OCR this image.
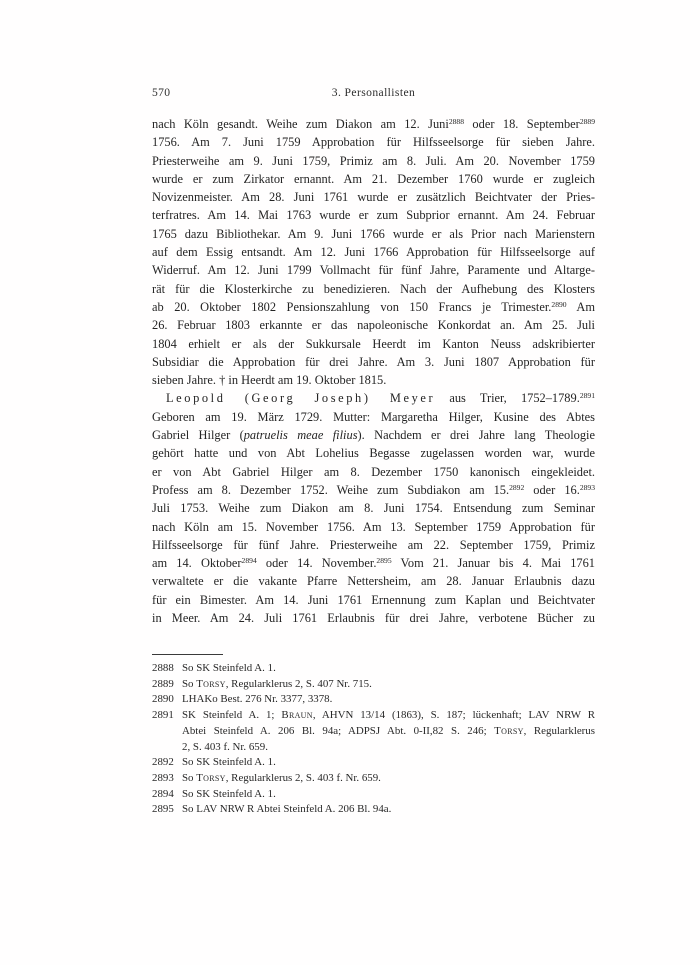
570	3. Personallisten
nach Köln gesandt. Weihe zum Diakon am 12. Juni$^{2888}$ oder 18. September$^{2889}$
1756. Am 7. Juni 1759 Approbation für Hilfsseelsorge für sieben Jahre.
Priesterweihe am 9. Juni 1759, Primiz am 8. Juli. Am 20. November 1759
wurde er zum Zirkator ernannt. Am 21. Dezember 1760 wurde er zugleich
Novizenmeister. Am 28. Juni 1761 wurde er zusätzlich Beichtvater der Pries-
terfratres. Am 14. Mai 1763 wurde er zum Subprior ernannt. Am 24. Februar
1765 dazu Bibliothekar. Am 9. Juni 1766 wurde er als Prior nach Marienstern
auf dem Essig entsandt. Am 12. Juni 1766 Approbation für Hilfsseelsorge auf
Widerruf. Am 12. Juni 1799 Vollmacht für fünf Jahre, Paramente und Altarge-
rät für die Klosterkirche zu benedizieren. Nach der Aufhebung des Klosters
ab 20. Oktober 1802 Pensionszahlung von 150 Francs je Trimester.$^{2890}$ Am
26. Februar 1803 erkannte er das napoleonische Konkordat an. Am 25. Juli
1804 erhielt er als der Sukkursale Heerdt im Kanton Neuss adskribierter
Subsidiar die Approbation für drei Jahre. Am 3. Juni 1807 Approbation für
sieben Jahre. † in Heerdt am 19. Oktober 1815.
Leopold (Georg Joseph) Meyer aus Trier, 1752–1789.$^{2891}$
Geboren am 19. März 1729. Mutter: Margaretha Hilger, Kusine des Abtes
Gabriel Hilger (patruelis meae filius). Nachdem er drei Jahre lang Theologie
gehört hatte und von Abt Lohelius Begasse zugelassen worden war, wurde
er von Abt Gabriel Hilger am 8. Dezember 1750 kanonisch eingekleidet.
Profess am 8. Dezember 1752. Weihe zum Subdiakon am 15.$^{2892}$ oder 16.$^{2893}$
Juli 1753. Weihe zum Diakon am 8. Juni 1754. Entsendung zum Seminar
nach Köln am 15. November 1756. Am 13. September 1759 Approbation für
Hilfsseelsorge für fünf Jahre. Priesterweihe am 22. September 1759, Primiz
am 14. Oktober$^{2894}$ oder 14. November.$^{2895}$ Vom 21. Januar bis 4. Mai 1761
verwaltete er die vakante Pfarre Nettersheim, am 28. Januar Erlaubnis dazu
für ein Bimester. Am 14. Juni 1761 Ernennung zum Kaplan und Beichtvater
in Meer. Am 24. Juli 1761 Erlaubnis für drei Jahre, verbotene Bücher zu
2888 So SK Steinfeld A. 1.
2889 So Torsy, Regularklerus 2, S. 407 Nr. 715.
2890 LHAKo Best. 276 Nr. 3377, 3378.
2891 SK Steinfeld A. 1; Braun, AHVN 13/14 (1863), S. 187; lückenhaft; LAV NRW R
Abtei Steinfeld A. 206 Bl. 94a; ADPSJ Abt. 0-II,82 S. 246; Torsy, Regularklerus
2, S. 403 f. Nr. 659.
2892 So SK Steinfeld A. 1.
2893 So Torsy, Regularklerus 2, S. 403 f. Nr. 659.
2894 So SK Steinfeld A. 1.
2895 So LAV NRW R Abtei Steinfeld A. 206 Bl. 94a.
